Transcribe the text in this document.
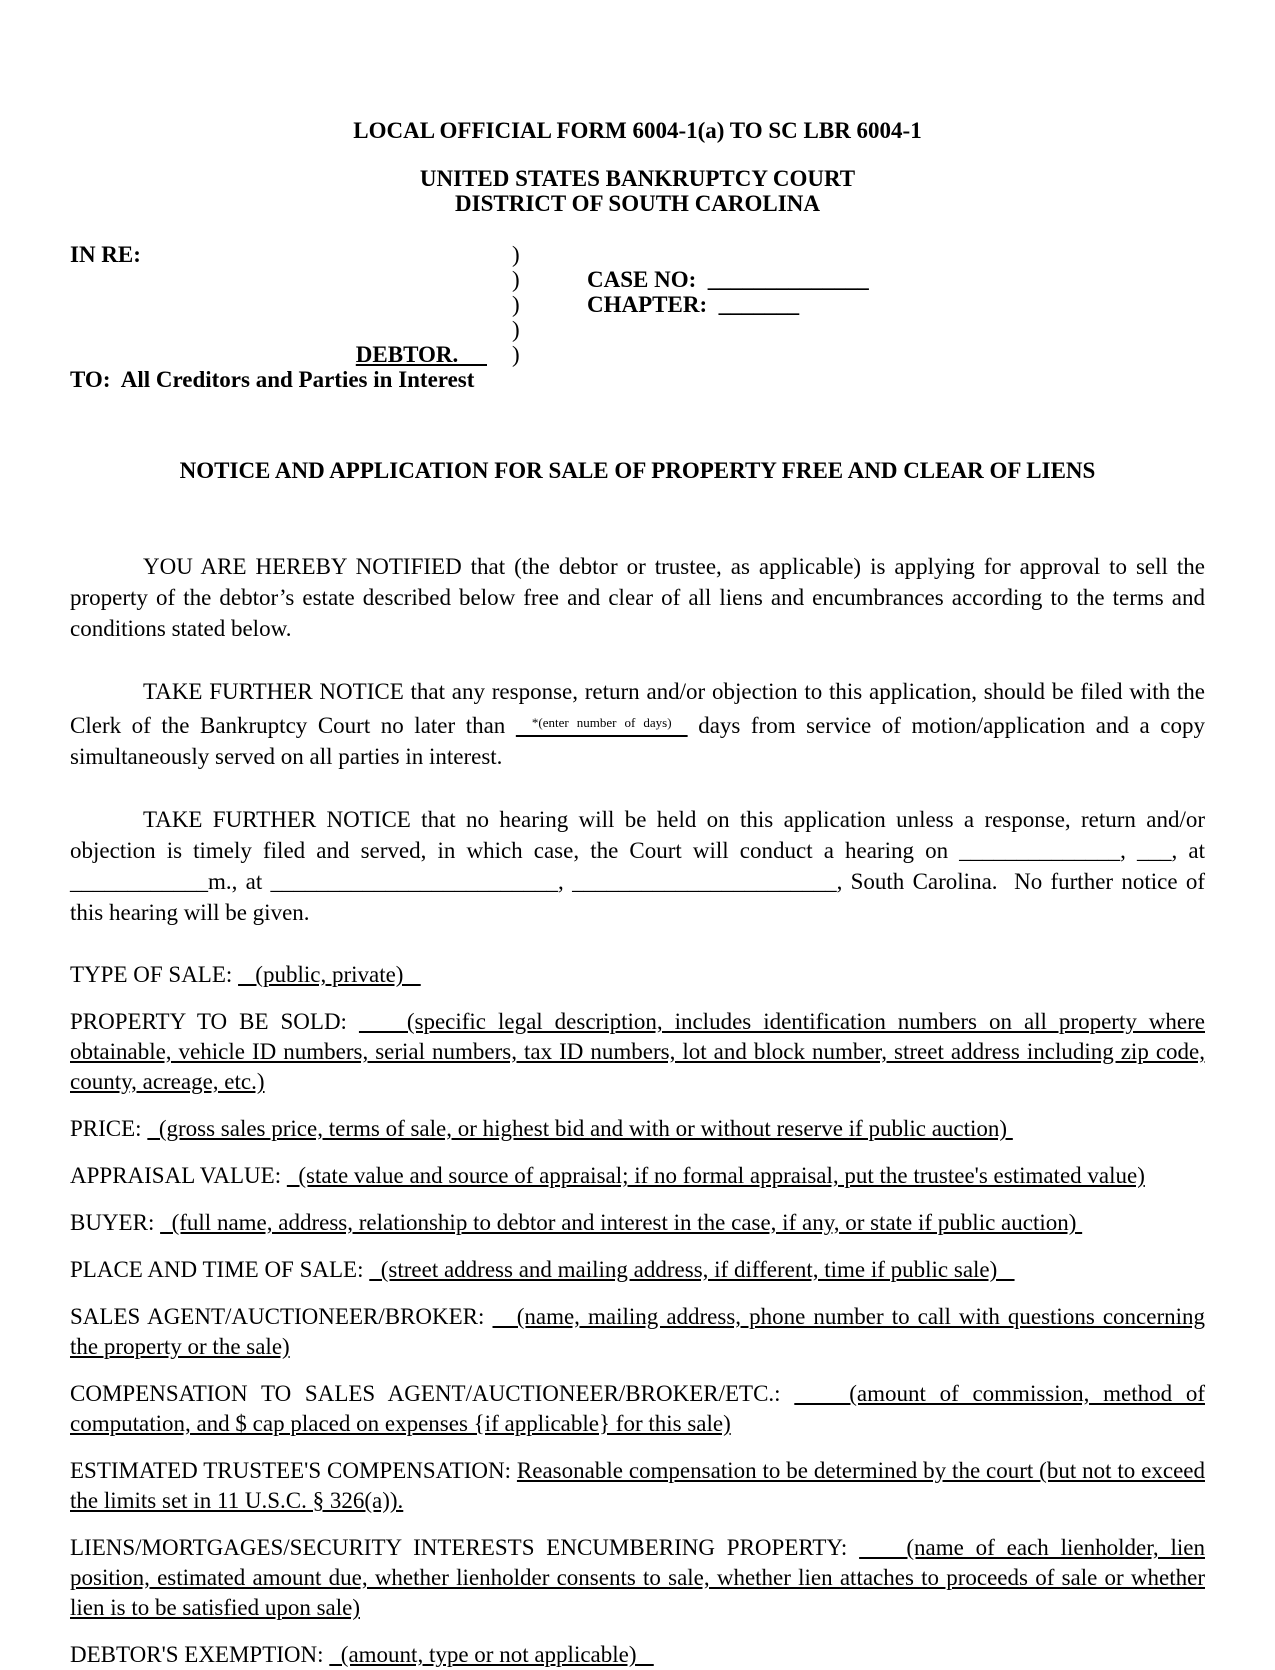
LOCAL OFFICIAL FORM 6004-1(a) TO SC LBR 6004-1
UNITED STATES BANKRUPTCY COURT
DISTRICT OF SOUTH CAROLINA
IN RE:	)
)	CASE NO:  ______________
)	CHAPTER:  _______
)
DEBTOR.	)
TO:  All Creditors and Parties in Interest
NOTICE AND APPLICATION FOR SALE OF PROPERTY FREE AND CLEAR OF LIENS

YOU ARE HEREBY NOTIFIED that (the debtor or trustee, as applicable) is applying for approval to sell the property of the debtor’s estate described below free and clear of all liens and encumbrances according to the terms and conditions stated below.

TAKE FURTHER NOTICE that any response, return and/or objection to this application, should be filed with the Clerk of the Bankruptcy Court no later than   $^{*(enter number of days)}$   days from service of motion/application and a copy simultaneously served on all parties in interest.

TAKE FURTHER NOTICE that no hearing will be held on this application unless a response, return and/or objection is timely filed and served, in which case, the Court will conduct a hearing on ______________, ___, at ____________m., at _________________________, _______________________, South Carolina.  No further notice of this hearing will be given.

TYPE OF SALE:    (public, private)
PROPERTY TO BE SOLD:     (specific legal description, includes identification numbers on all property where obtainable, vehicle ID numbers, serial numbers, tax ID numbers, lot and block number, street address including zip code, county, acreage, etc.)
PRICE:   (gross sales price, terms of sale, or highest bid and with or without reserve if public auction)
APPRAISAL VALUE:   (state value and source of appraisal; if no formal appraisal, put the trustee's estimated value)
BUYER:   (full name, address, relationship to debtor and interest in the case, if any, or state if public auction)
PLACE AND TIME OF SALE:   (street address and mailing address, if different, time if public sale)
SALES AGENT/AUCTIONEER/BROKER:    (name, mailing address, phone number to call with questions concerning the property or the sale)
COMPENSATION TO SALES AGENT/AUCTIONEER/BROKER/ETC.:     (amount of commission, method of computation, and $ cap placed on expenses {if applicable} for this sale)
ESTIMATED TRUSTEE'S COMPENSATION: Reasonable compensation to be determined by the court (but not to exceed the limits set in 11 U.S.C. § 326(a)).
LIENS/MORTGAGES/SECURITY INTERESTS ENCUMBERING PROPERTY:     (name of each lienholder, lien position, estimated amount due, whether lienholder consents to sale, whether lien attaches to proceeds of sale or whether lien is to be satisfied upon sale)
DEBTOR'S EXEMPTION:   (amount, type or not applicable)
